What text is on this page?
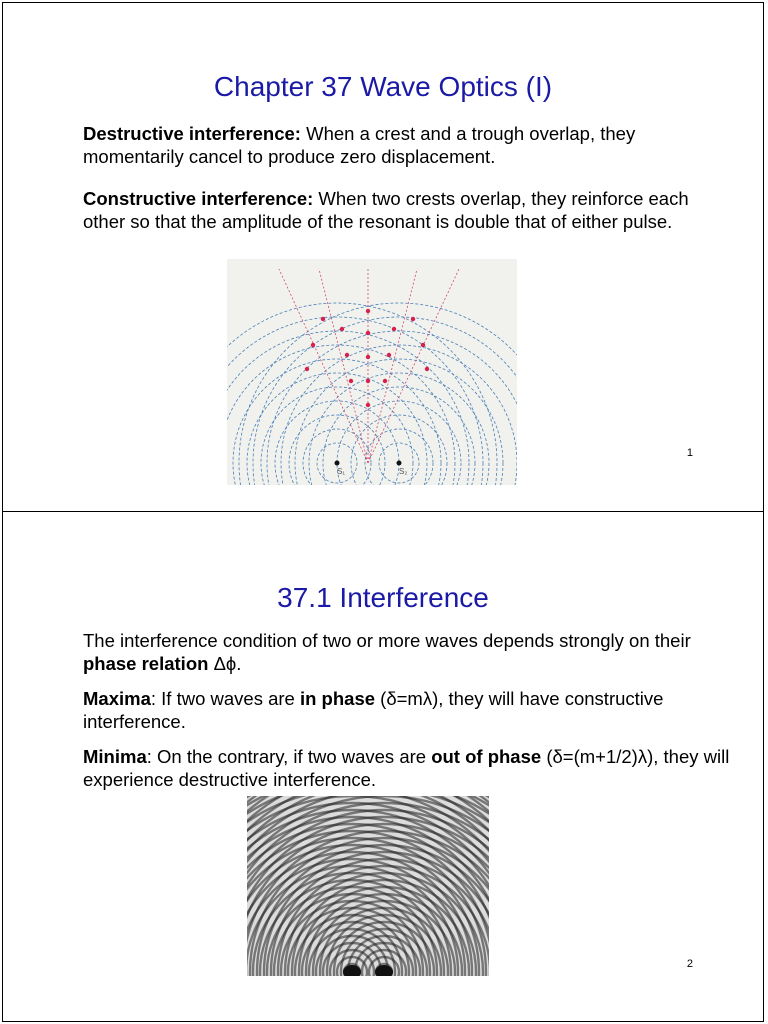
Chapter 37 Wave Optics (I)
Destructive interference: When a crest and a trough overlap, they momentarily cancel to produce zero displacement.
Constructive interference: When two crests overlap, they reinforce each other so that the amplitude of the resonant is double that of either pulse.
S₁	S₂
1
37.1 Interference
The interference condition of two or more waves depends strongly on their phase relation Δϕ.
Maxima: If two waves are in phase (δ=mλ), they will have constructive interference.
Minima: On the contrary, if two waves are out of phase (δ=(m+1/2)λ), they will experience destructive interference.
2
